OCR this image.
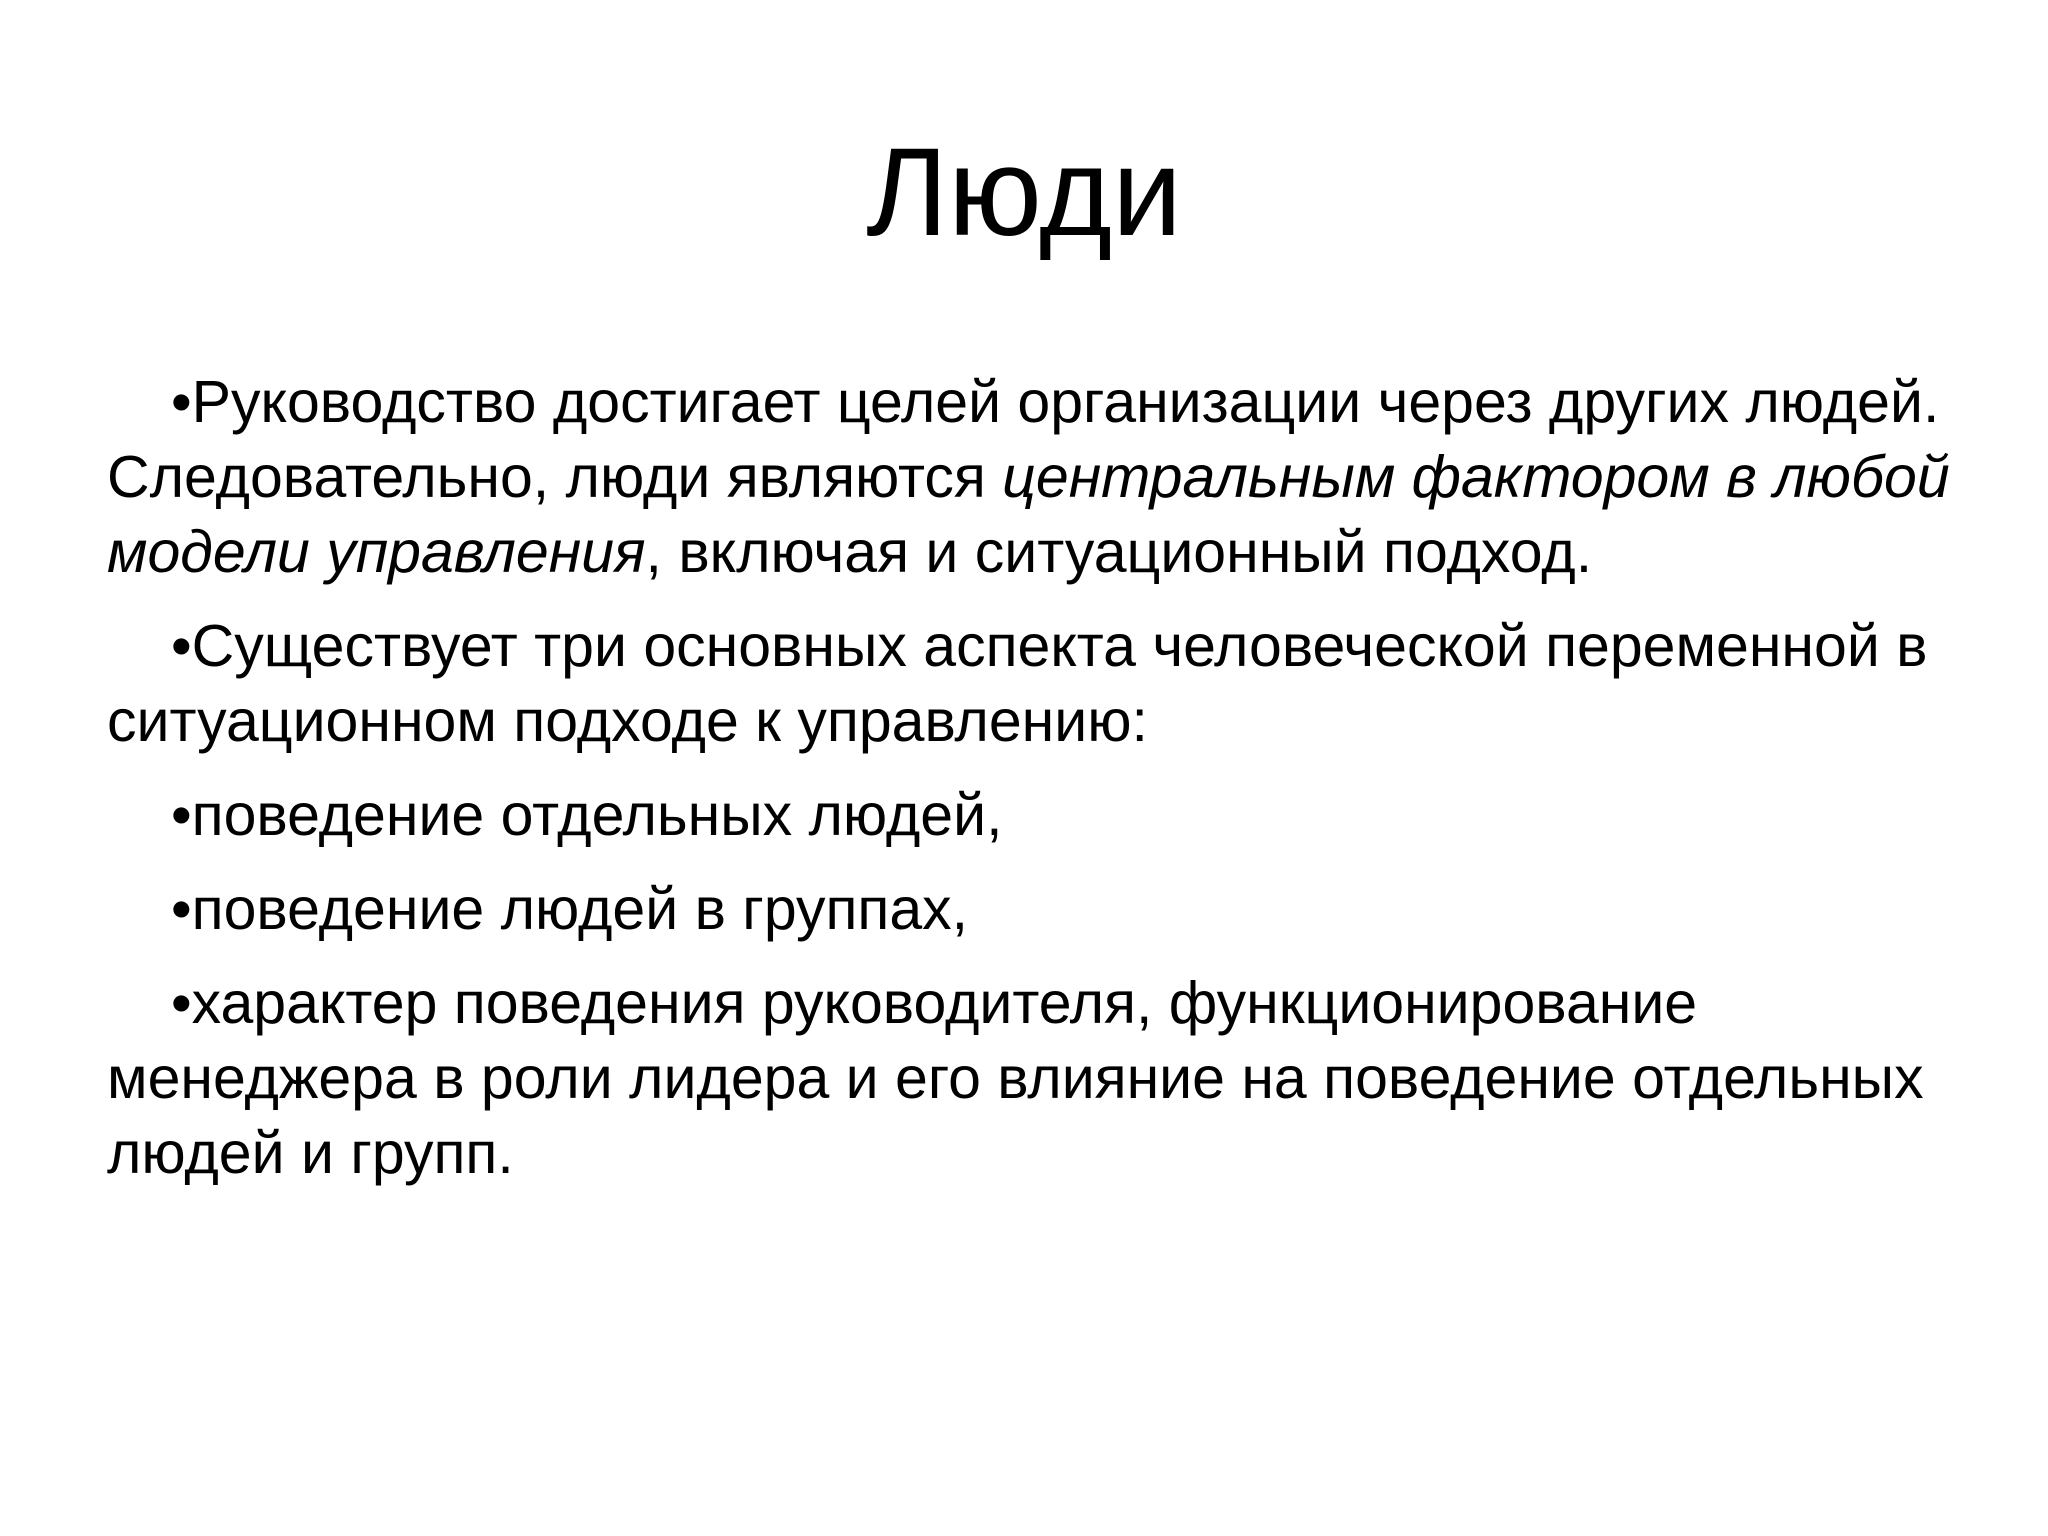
Люди

•Руководство достигает целей организации через других людей. Следовательно, люди являются центральным фактором в любой модели управления, включая и ситуационный подход.

•Существует три основных аспекта человеческой переменной в ситуационном подходе к управлению:

•поведение отдельных людей,

•поведение людей в группах,

•характер поведения руководителя, функционирование менеджера в роли лидера и его влияние на поведение отдельных людей и групп.
